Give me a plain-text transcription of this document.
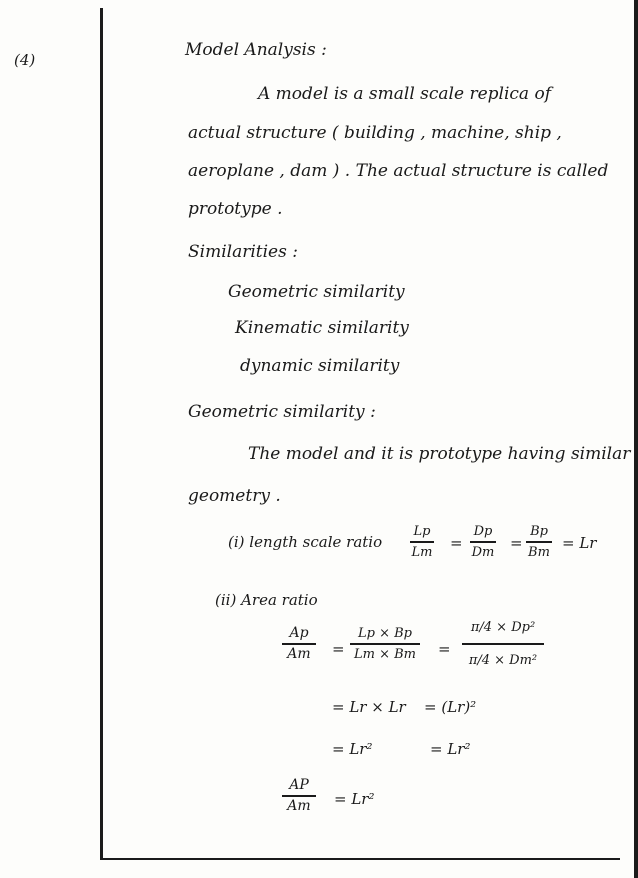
(4)	Model Analysis :
A model is a small scale replica of
actual structure ( building , machine, ship ,
aeroplane , dam ) . The actual structure is called
prototype .
Similarities :
Geometric similarity
Kinematic similarity
dynamic similarity
Geometric similarity :
The model and it is prototype having similar
geometry .
(i) length scale ratio
Lp
Lm =
Dp
Dm =
Bp
Bm = Lr
(ii) Area ratio
Ap
Am =
Lp × Bp
Lm × Bm =
π/4 × Dp²
π/4 × Dm²
= Lr × Lr = (Lr)²
= Lr²	= Lr²
AP
Am = Lr²
